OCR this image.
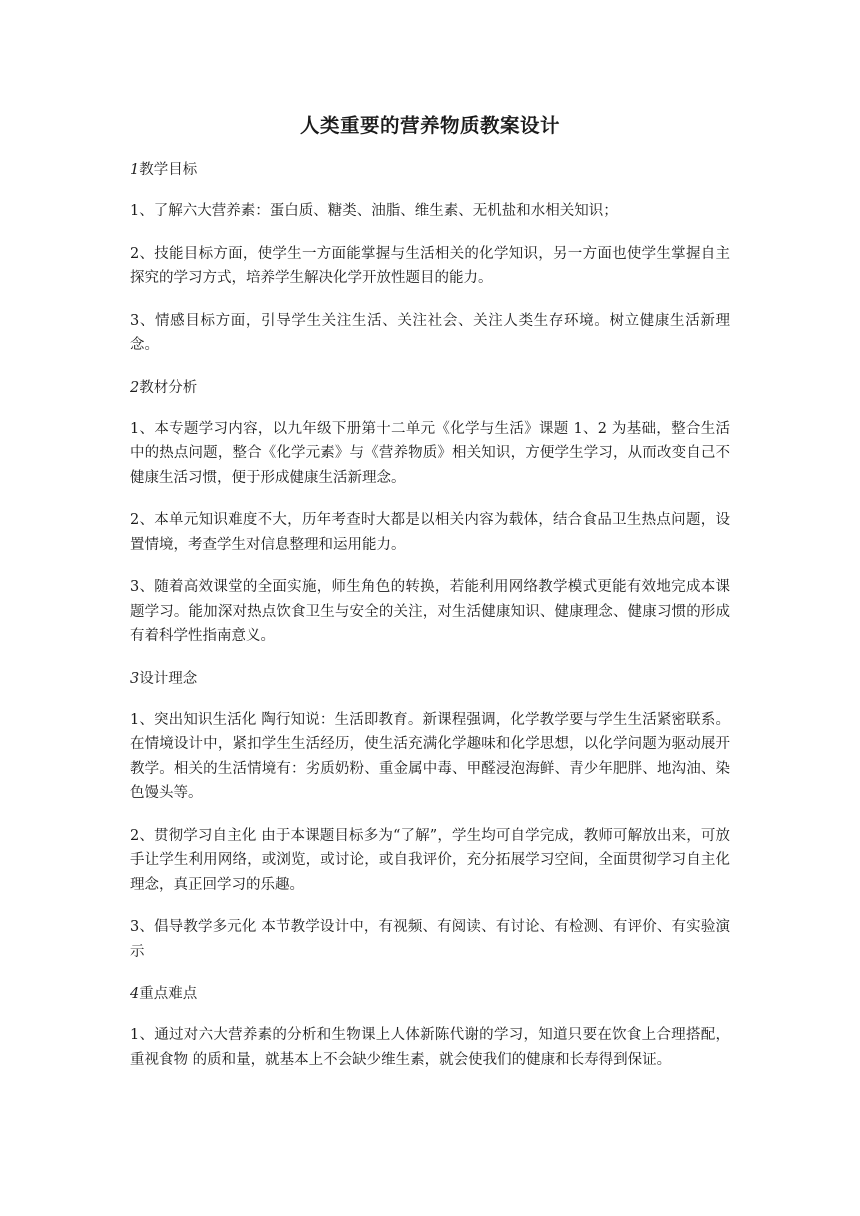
人类重要的营养物质教案设计
1教学目标

1、了解六大营养素：蛋白质、糖类、油脂、维生素、无机盐和水相关知识；

2、技能目标方面，使学生一方面能掌握与生活相关的化学知识，另一方面也使学生掌握自主探究的学习方式，培养学生解决化学开放性题目的能力。

3、情感目标方面，引导学生关注生活、关注社会、关注人类生存环境。树立健康生活新理念。

2教材分析

1、本专题学习内容，以九年级下册第十二单元《化学与生活》课题 1、2 为基础，整合生活中的热点问题，整合《化学元素》与《营养物质》相关知识，方便学生学习，从而改变自己不健康生活习惯，便于形成健康生活新理念。

2、本单元知识难度不大，历年考查时大都是以相关内容为载体，结合食品卫生热点问题，设置情境，考查学生对信息整理和运用能力。

3、随着高效课堂的全面实施，师生角色的转换，若能利用网络教学模式更能有效地完成本课题学习。能加深对热点饮食卫生与安全的关注，对生活健康知识、健康理念、健康习惯的形成有着科学性指南意义。

3设计理念

1、突出知识生活化 陶行知说：生活即教育。新课程强调，化学教学要与学生生活紧密联系。在情境设计中，紧扣学生生活经历，使生活充满化学趣味和化学思想，以化学问题为驱动展开教学。相关的生活情境有：劣质奶粉、重金属中毒、甲醛浸泡海鲜、青少年肥胖、地沟油、染色馒头等。

2、贯彻学习自主化 由于本课题目标多为“了解”，学生均可自学完成，教师可解放出来，可放手让学生利用网络，或浏览，或讨论，或自我评价，充分拓展学习空间，全面贯彻学习自主化理念，真正回学习的乐趣。

3、倡导教学多元化 本节教学设计中，有视频、有阅读、有讨论、有检测、有评价、有实验演示

4重点难点

1、通过对六大营养素的分析和生物课上人体新陈代谢的学习，知道只要在饮食上合理搭配，重视食物 的质和量，就基本上不会缺少维生素，就会使我们的健康和长寿得到保证。
